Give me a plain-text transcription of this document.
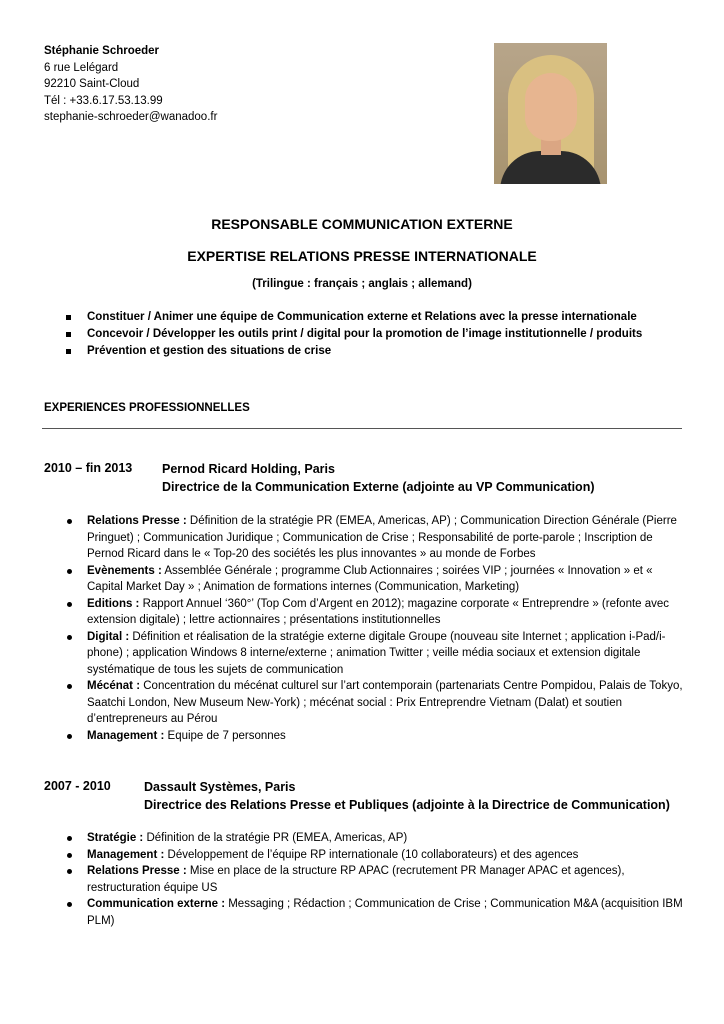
Stéphanie Schroeder
6 rue Lelégard
92210 Saint-Cloud
Tél : +33.6.17.53.13.99
stephanie-schroeder@wanadoo.fr
RESPONSABLE COMMUNICATION EXTERNE
EXPERTISE RELATIONS PRESSE INTERNATIONALE
(Trilingue : français ; anglais ; allemand)
Constituer / Animer une équipe de Communication externe et Relations avec la presse internationale
Concevoir / Développer les outils print / digital pour la promotion de l’image institutionnelle / produits
Prévention et gestion des situations de crise
EXPERIENCES PROFESSIONNELLES
2010 – fin 2013 Pernod Ricard Holding, Paris
Directrice de la Communication Externe (adjointe au VP Communication)
Relations Presse : Définition de la stratégie PR (EMEA, Americas, AP) ; Communication Direction Générale (Pierre Pringuet) ; Communication Juridique ; Communication de Crise ; Responsabilité de porte-parole ; Inscription de Pernod Ricard dans le « Top-20 des sociétés les plus innovantes » au monde de Forbes
Evènements : Assemblée Générale ; programme Club Actionnaires ; soirées VIP ; journées « Innovation » et « Capital Market Day » ; Animation de formations internes (Communication, Marketing)
Editions : Rapport Annuel ‘360°’ (Top Com d’Argent en 2012); magazine corporate « Entreprendre » (refonte avec extension digitale) ; lettre actionnaires ; présentations institutionnelles
Digital : Définition et réalisation de la stratégie externe digitale Groupe (nouveau site Internet ; application i-Pad/i-phone) ; application Windows 8 interne/externe ; animation Twitter ; veille média sociaux et extension digitale systématique de tous les sujets de communication
Mécénat : Concentration du mécénat culturel sur l’art contemporain (partenariats Centre Pompidou, Palais de Tokyo, Saatchi London, New Museum New-York) ; mécénat social : Prix Entreprendre Vietnam (Dalat) et soutien d’entrepreneurs au Pérou
Management : Equipe de 7 personnes
2007 - 2010	Dassault Systèmes, Paris
Directrice des Relations Presse et Publiques (adjointe à la Directrice de Communication)
Stratégie : Définition de la stratégie PR (EMEA, Americas, AP)
Management : Développement de l’équipe RP internationale (10 collaborateurs) et des agences
Relations Presse : Mise en place de la structure RP APAC (recrutement PR Manager APAC et agences), restructuration équipe US
Communication externe : Messaging ; Rédaction ; Communication de Crise ; Communication M&A (acquisition IBM PLM)
